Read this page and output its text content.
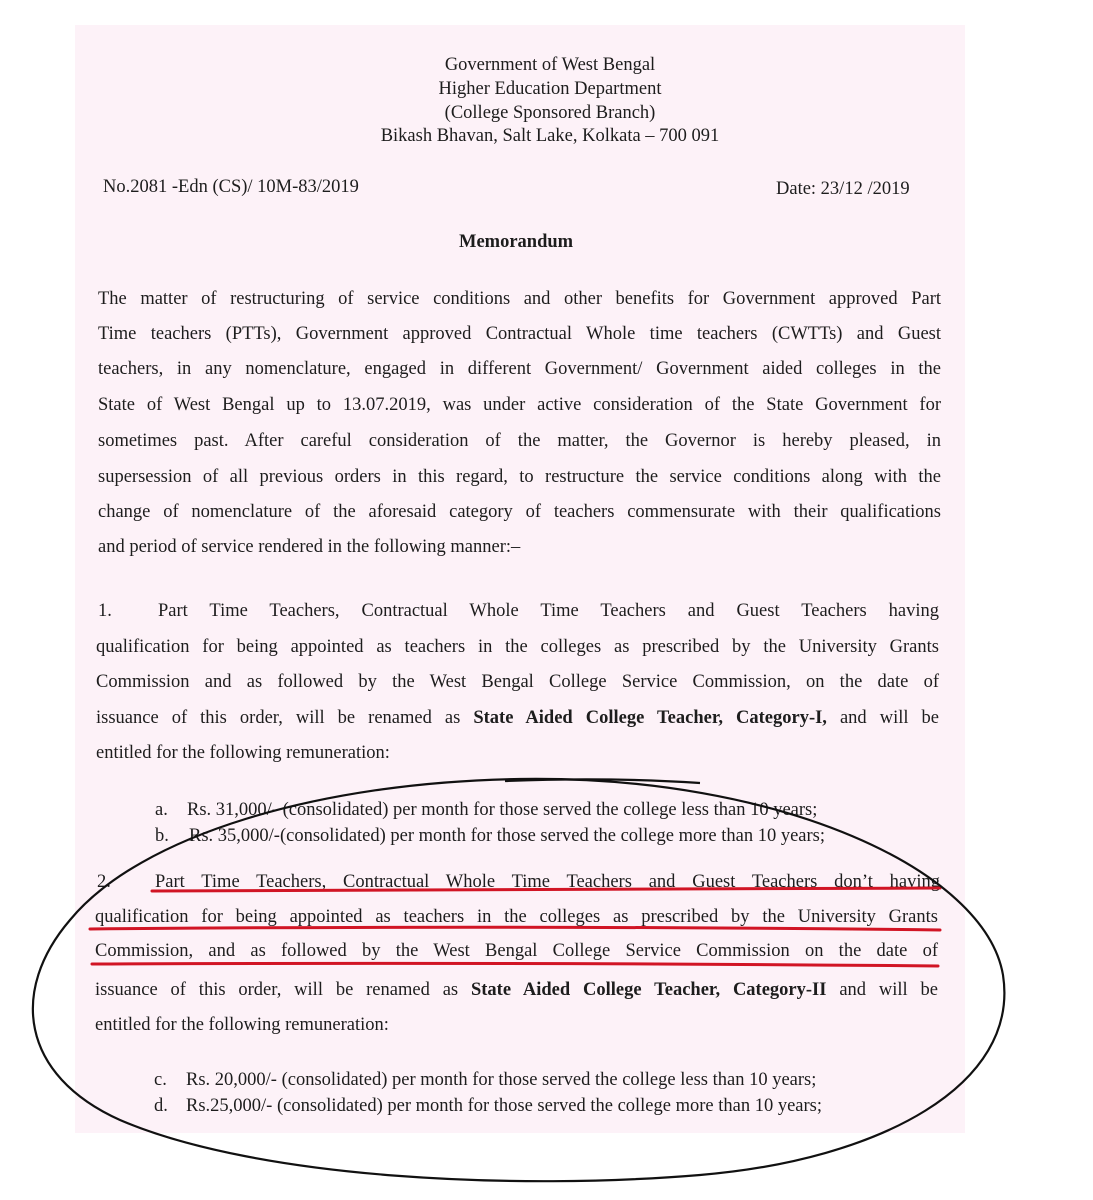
Government of West Bengal
Higher Education Department
(College Sponsored Branch)
Bikash Bhavan, Salt Lake, Kolkata – 700 091
No.2081 -Edn (CS)/ 10M-83/2019	Date: 23/12 /2019
Memorandum
The matter of restructuring of service conditions and other benefits for Government approved Part
Time teachers (PTTs), Government approved Contractual Whole time teachers (CWTTs) and Guest
teachers, in any nomenclature, engaged in different Government/ Government aided colleges in the
State of West Bengal up to 13.07.2019, was under active consideration of the State Government for
sometimes past. After careful consideration of the matter, the Governor is hereby pleased, in
supersession of all previous orders in this regard, to restructure the service conditions along with the
change of nomenclature of the aforesaid category of teachers commensurate with their qualifications
and period of service rendered in the following manner:–
1. Part Time Teachers, Contractual Whole Time Teachers and Guest Teachers having
qualification for being appointed as teachers in the colleges as prescribed by the University Grants
Commission and as followed by the West Bengal College Service Commission, on the date of
issuance of this order, will be renamed as State Aided College Teacher, Category-I, and will be
entitled for the following remuneration:
a. Rs. 31,000/- (consolidated) per month for those served the college less than 10 years;
b. Rs. 35,000/-(consolidated) per month for those served the college more than 10 years;
2. Part Time Teachers, Contractual Whole Time Teachers and Guest Teachers don’t having
qualification for being appointed as teachers in the colleges as prescribed by the University Grants
Commission, and as followed by the West Bengal College Service Commission on the date of
issuance of this order, will be renamed as State Aided College Teacher, Category-II and will be
entitled for the following remuneration:
c. Rs. 20,000/- (consolidated) per month for those served the college less than 10 years;
d. Rs.25,000/- (consolidated) per month for those served the college more than 10 years;
